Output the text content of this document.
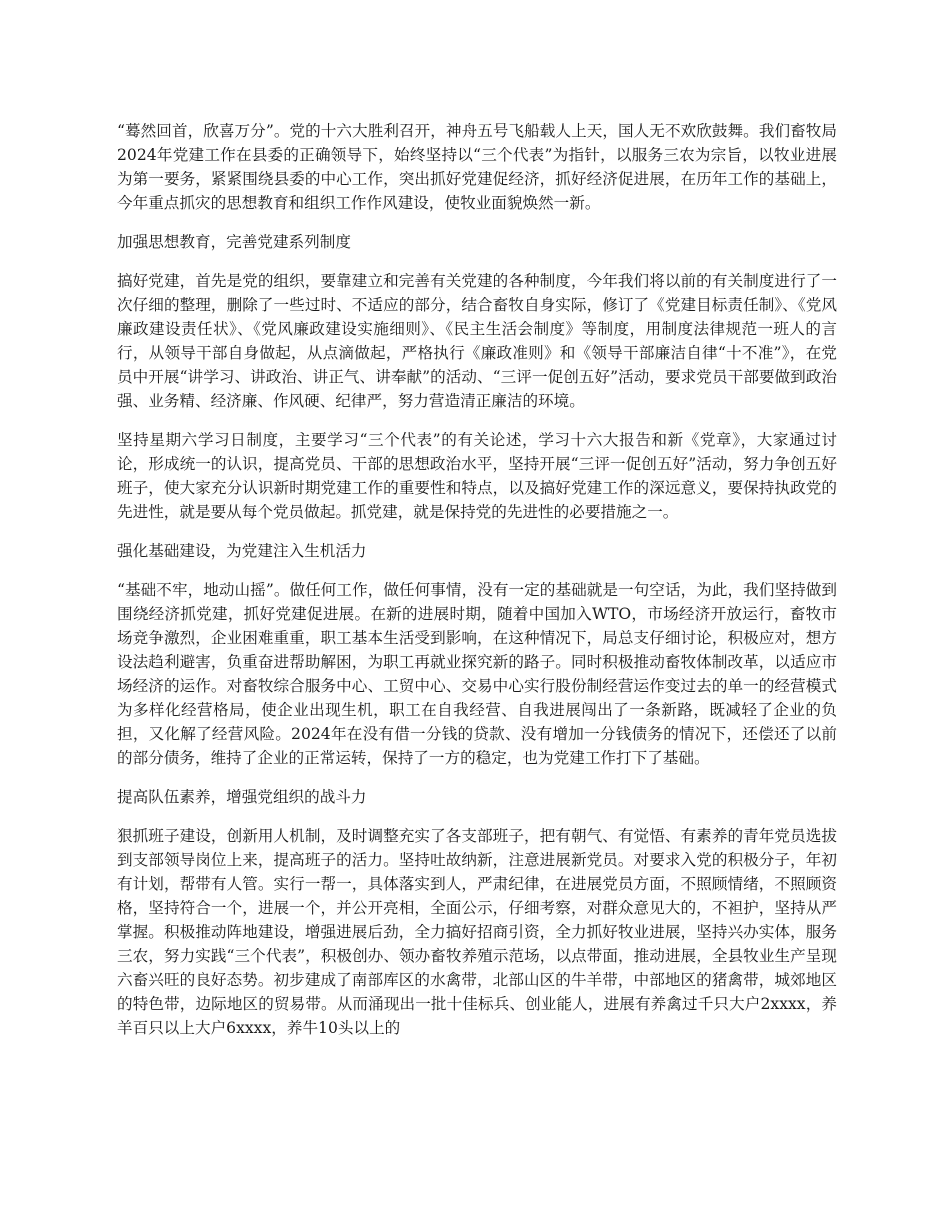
“蓦然回首，欣喜万分”。党的十六大胜利召开，神舟五号飞船载人上天，国人无不欢欣鼓舞。我们畜牧局2024年党建工作在县委的正确领导下，始终坚持以“三个代表”为指针，以服务三农为宗旨，以牧业进展为第一要务，紧紧围绕县委的中心工作，突出抓好党建促经济，抓好经济促进展，在历年工作的基础上，今年重点抓灾的思想教育和组织工作作风建设，使牧业面貌焕然一新。

加强思想教育，完善党建系列制度

搞好党建，首先是党的组织，要靠建立和完善有关党建的各种制度，今年我们将以前的有关制度进行了一次仔细的整理，删除了一些过时、不适应的部分，结合畜牧自身实际，修订了《党建目标责任制》、《党风廉政建设责任状》、《党风廉政建设实施细则》、《民主生活会制度》等制度，用制度法律规范一班人的言行，从领导干部自身做起，从点滴做起，严格执行《廉政准则》和《领导干部廉洁自律“十不准”》，在党员中开展“讲学习、讲政治、讲正气、讲奉献”的活动、“三评一促创五好”活动，要求党员干部要做到政治强、业务精、经济廉、作风硬、纪律严，努力营造清正廉洁的环境。

坚持星期六学习日制度，主要学习“三个代表”的有关论述，学习十六大报告和新《党章》，大家通过讨论，形成统一的认识，提高党员、干部的思想政治水平，坚持开展“三评一促创五好”活动，努力争创五好班子，使大家充分认识新时期党建工作的重要性和特点，以及搞好党建工作的深远意义，要保持执政党的先进性，就是要从每个党员做起。抓党建，就是保持党的先进性的必要措施之一。

强化基础建设，为党建注入生机活力

“基础不牢，地动山摇”。做任何工作，做任何事情，没有一定的基础就是一句空话，为此，我们坚持做到围绕经济抓党建，抓好党建促进展。在新的进展时期，随着中国加入WTO，市场经济开放运行，畜牧市场竞争激烈，企业困难重重，职工基本生活受到影响，在这种情况下，局总支仔细讨论，积极应对，想方设法趋利避害，负重奋进帮助解困，为职工再就业探究新的路子。同时积极推动畜牧体制改革，以适应市场经济的运作。对畜牧综合服务中心、工贸中心、交易中心实行股份制经营运作变过去的单一的经营模式为多样化经营格局，使企业出现生机，职工在自我经营、自我进展闯出了一条新路，既减轻了企业的负担，又化解了经营风险。2024年在没有借一分钱的贷款、没有增加一分钱债务的情况下，还偿还了以前的部分债务，维持了企业的正常运转，保持了一方的稳定，也为党建工作打下了基础。

提高队伍素养，增强党组织的战斗力

狠抓班子建设，创新用人机制，及时调整充实了各支部班子，把有朝气、有觉悟、有素养的青年党员选拔到支部领导岗位上来，提高班子的活力。坚持吐故纳新，注意进展新党员。对要求入党的积极分子，年初有计划，帮带有人管。实行一帮一，具体落实到人，严肃纪律，在进展党员方面，不照顾情绪，不照顾资格，坚持符合一个，进展一个，并公开亮相，全面公示，仔细考察，对群众意见大的，不袒护，坚持从严掌握。积极推动阵地建设，增强进展后劲，全力搞好招商引资，全力抓好牧业进展，坚持兴办实体，服务三农，努力实践“三个代表”，积极创办、领办畜牧养殖示范场，以点带面，推动进展，全县牧业生产呈现六畜兴旺的良好态势。初步建成了南部库区的水禽带，北部山区的牛羊带，中部地区的猪禽带，城郊地区的特色带，边际地区的贸易带。从而涌现出一批十佳标兵、创业能人，进展有养禽过千只大户2xxxx，养羊百只以上大户6xxxx，养牛10头以上的
